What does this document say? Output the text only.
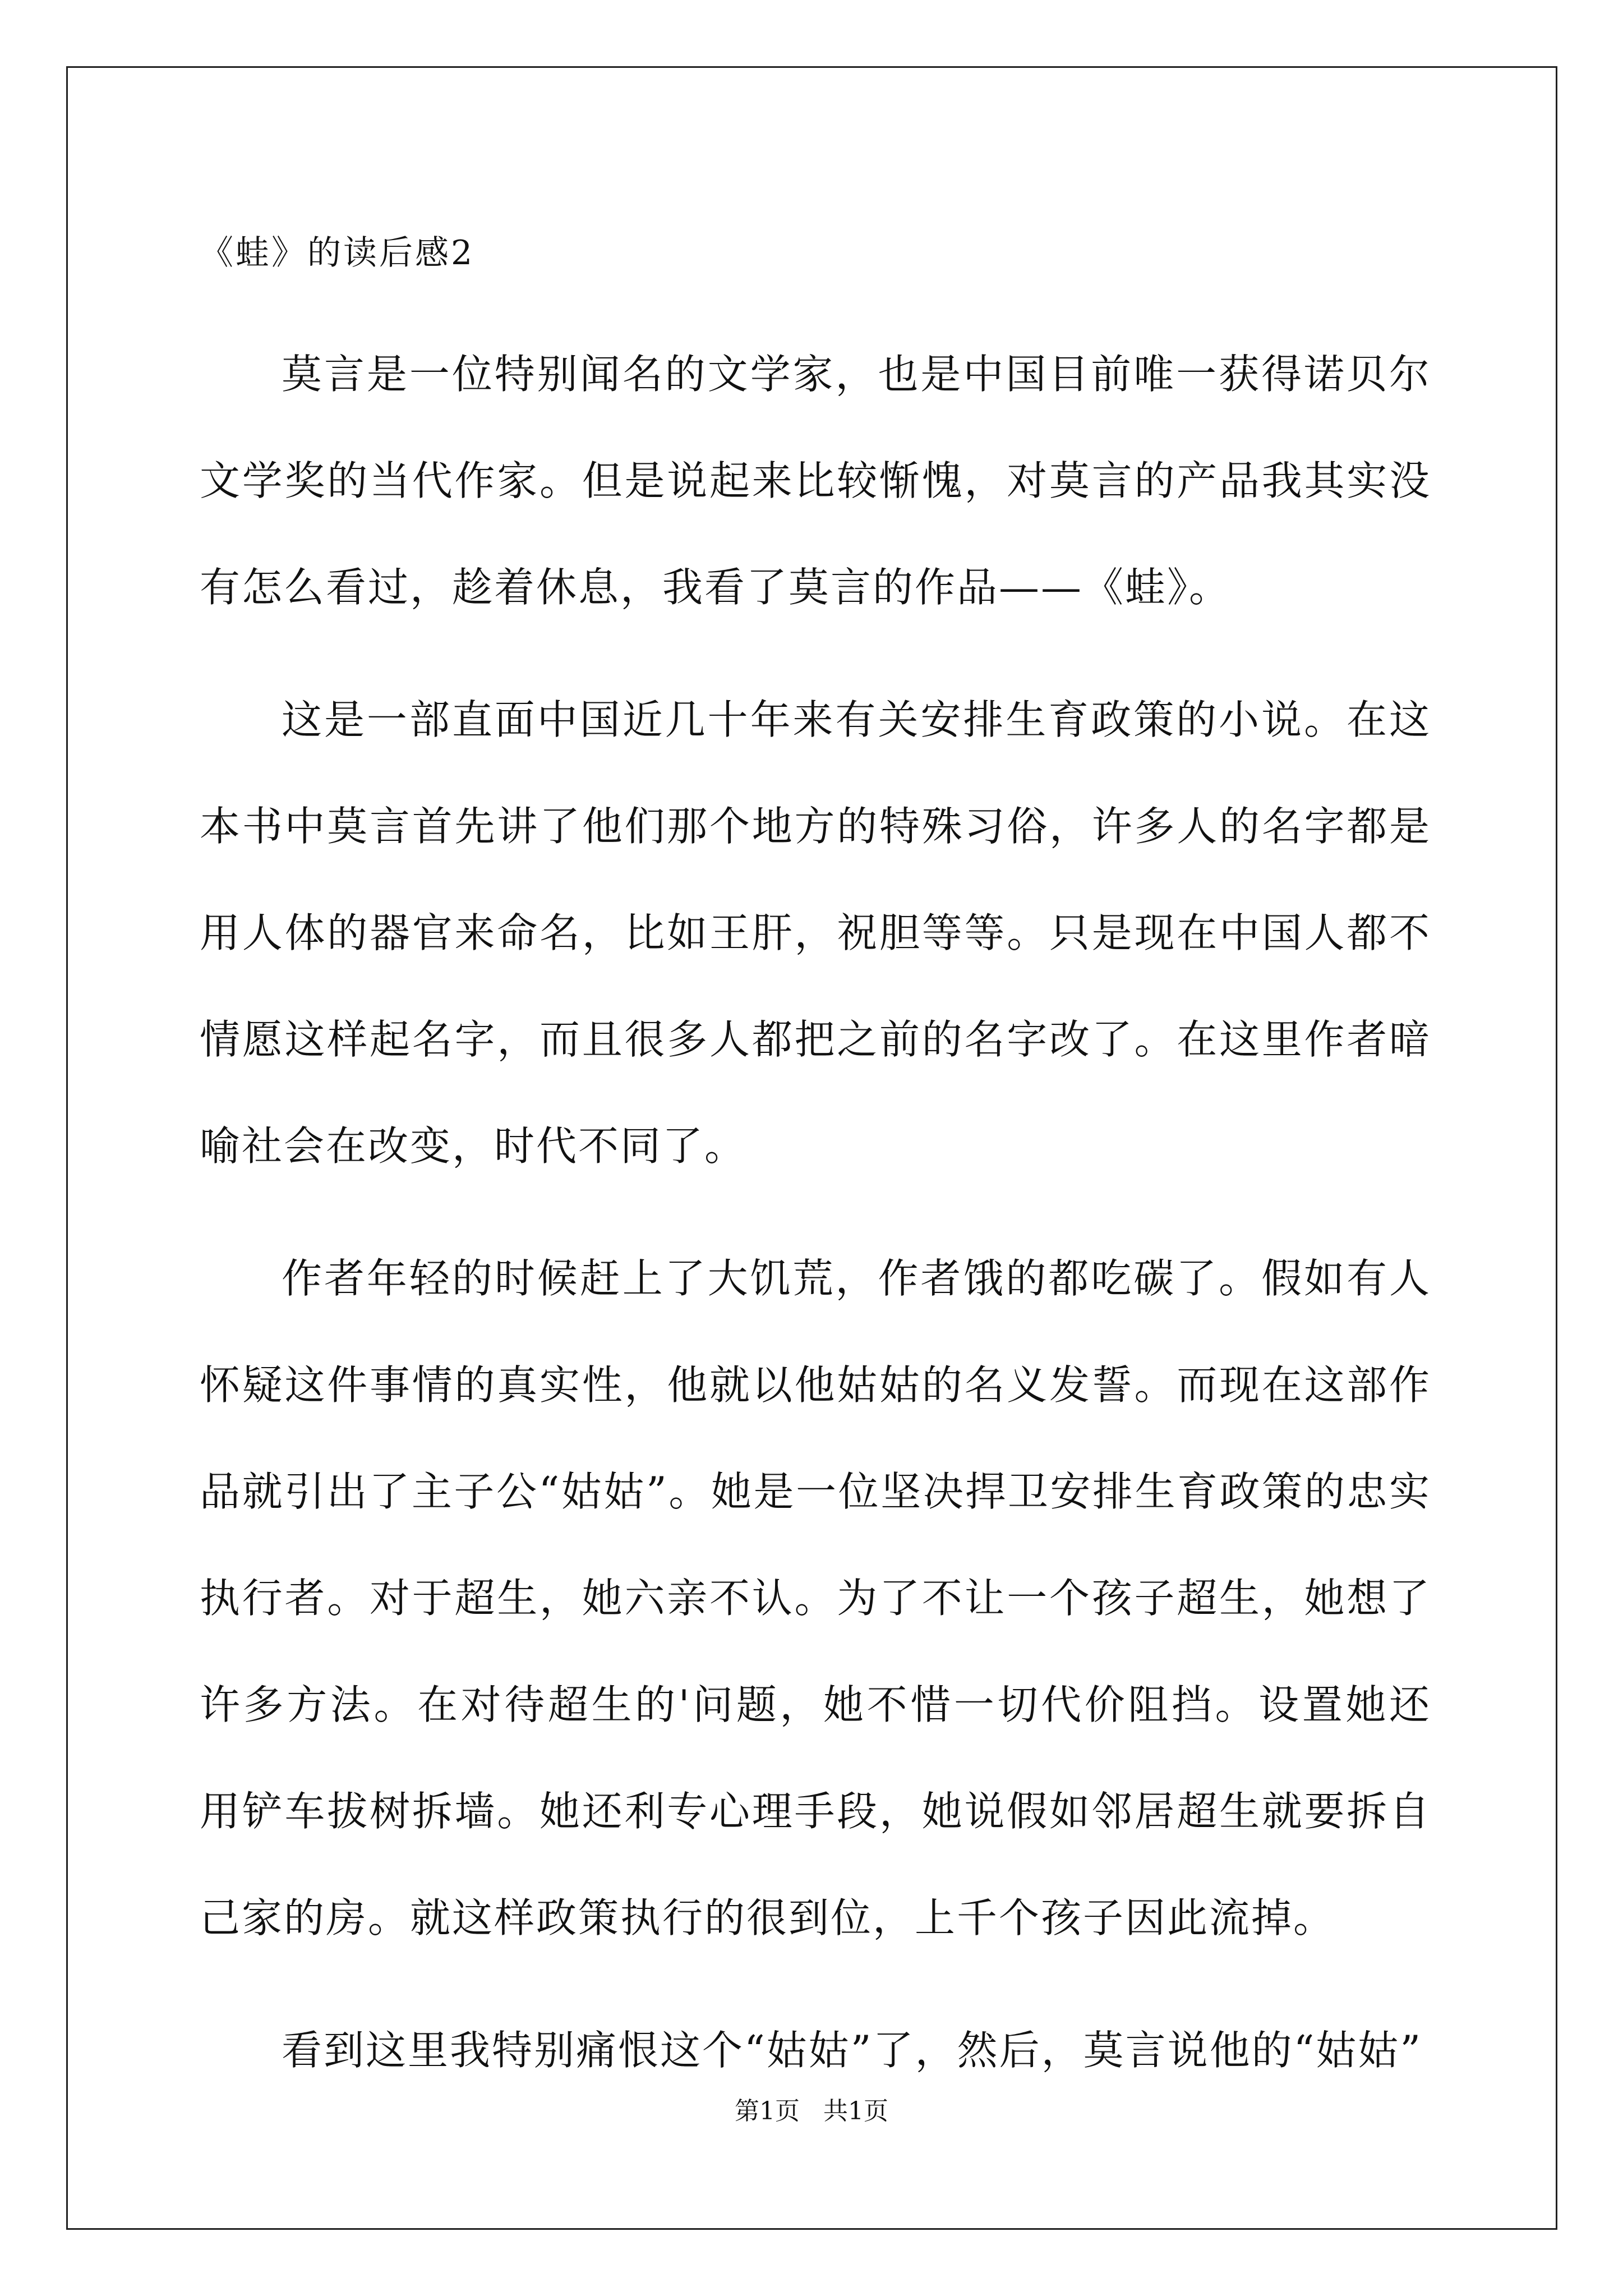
《蛙》的读后感2

莫言是一位特别闻名的文学家，也是中国目前唯一获得诺贝尔文学奖的当代作家。但是说起来比较惭愧，对莫言的产品我其实没有怎么看过，趁着休息，我看了莫言的作品——《蛙》。

这是一部直面中国近几十年来有关安排生育政策的小说。在这本书中莫言首先讲了他们那个地方的特殊习俗，许多人的名字都是用人体的器官来命名，比如王肝，祝胆等等。只是现在中国人都不情愿这样起名字，而且很多人都把之前的名字改了。在这里作者暗喻社会在改变，时代不同了。

作者年轻的时候赶上了大饥荒，作者饿的都吃碳了。假如有人怀疑这件事情的真实性，他就以他姑姑的名义发誓。而现在这部作品就引出了主子公“姑姑”。她是一位坚决捍卫安排生育政策的忠实执行者。对于超生，她六亲不认。为了不让一个孩子超生，她想了许多方法。在对待超生的'问题，她不惜一切代价阻挡。设置她还用铲车拔树拆墙。她还利专心理手段，她说假如邻居超生就要拆自己家的房。就这样政策执行的很到位，上千个孩子因此流掉。

看到这里我特别痛恨这个“姑姑”了，然后，莫言说他的“姑姑”

第1页   共1页
